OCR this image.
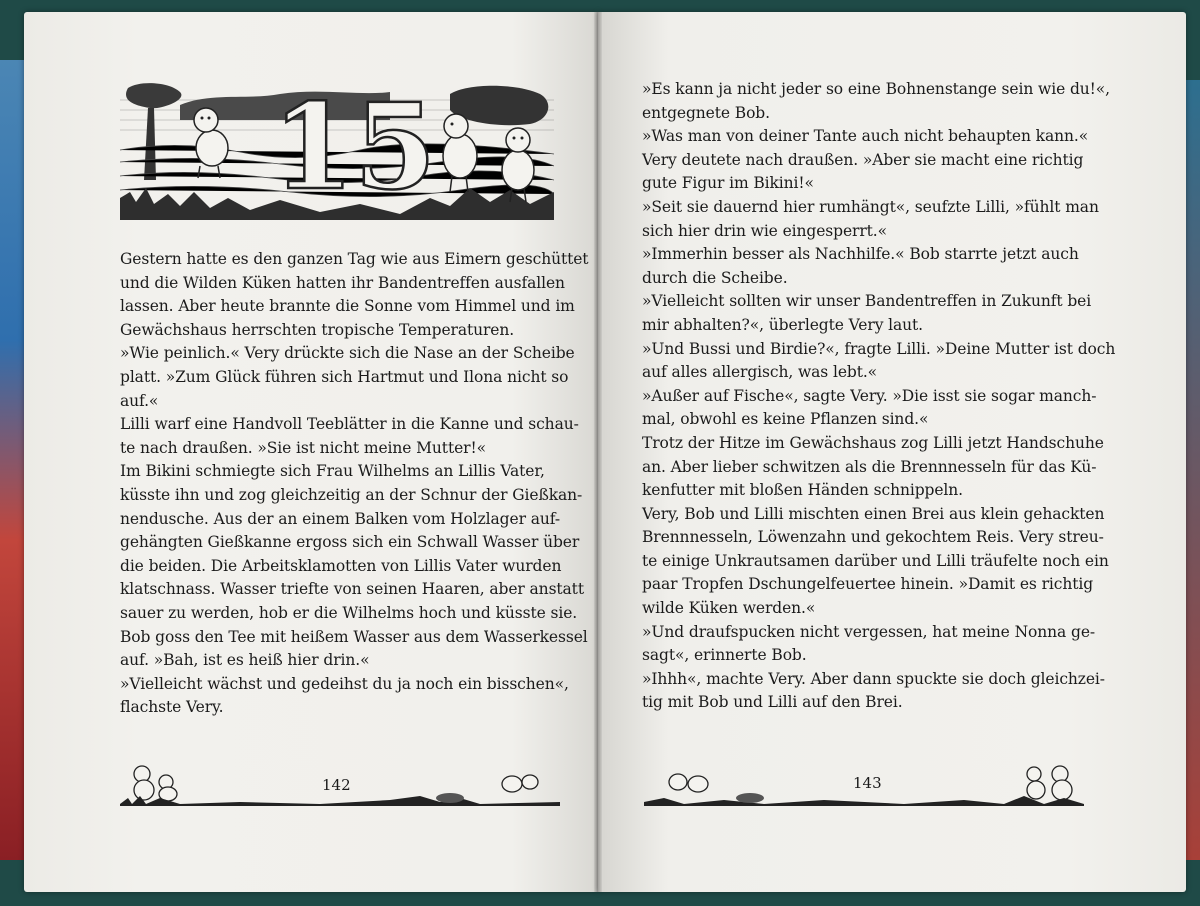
15
Gestern hatte es den ganzen Tag wie aus Eimern geschüttet
und die Wilden Küken hatten ihr Bandentreffen ausfallen
lassen. Aber heute brannte die Sonne vom Himmel und im
Gewächshaus herrschten tropische Temperaturen.
»Wie peinlich.« Very drückte sich die Nase an der Scheibe
platt. »Zum Glück führen sich Hartmut und Ilona nicht so
auf.«
Lilli warf eine Handvoll Teeblätter in die Kanne und schau-
te nach draußen. »Sie ist nicht meine Mutter!«
Im Bikini schmiegte sich Frau Wilhelms an Lillis Vater,
küsste ihn und zog gleichzeitig an der Schnur der Gießkan-
nendusche. Aus der an einem Balken vom Holzlager auf-
gehängten Gießkanne ergoss sich ein Schwall Wasser über
die beiden. Die Arbeitsklamotten von Lillis Vater wurden
klatschnass. Wasser triefte von seinen Haaren, aber anstatt
sauer zu werden, hob er die Wilhelms hoch und küsste sie.
Bob goss den Tee mit heißem Wasser aus dem Wasserkessel
auf. »Bah, ist es heiß hier drin.«
»Vielleicht wächst und gedeihst du ja noch ein bisschen«,
flachste Very.
»Es kann ja nicht jeder so eine Bohnenstange sein wie du!«,
entgegnete Bob.
»Was man von deiner Tante auch nicht behaupten kann.«
Very deutete nach draußen. »Aber sie macht eine richtig
gute Figur im Bikini!«
»Seit sie dauernd hier rumhängt«, seufzte Lilli, »fühlt man
sich hier drin wie eingesperrt.«
»Immerhin besser als Nachhilfe.« Bob starrte jetzt auch
durch die Scheibe.
»Vielleicht sollten wir unser Bandentreffen in Zukunft bei
mir abhalten?«, überlegte Very laut.
»Und Bussi und Birdie?«, fragte Lilli. »Deine Mutter ist doch
auf alles allergisch, was lebt.«
»Außer auf Fische«, sagte Very. »Die isst sie sogar manch-
mal, obwohl es keine Pflanzen sind.«
Trotz der Hitze im Gewächshaus zog Lilli jetzt Handschuhe
an. Aber lieber schwitzen als die Brennnesseln für das Kü-
kenfutter mit bloßen Händen schnippeln.
Very, Bob und Lilli mischten einen Brei aus klein gehackten
Brennnesseln, Löwenzahn und gekochtem Reis. Very streu-
te einige Unkrautsamen darüber und Lilli träufelte noch ein
paar Tropfen Dschungelfeuertee hinein. »Damit es richtig
wilde Küken werden.«
»Und draufspucken nicht vergessen, hat meine Nonna ge-
sagt«, erinnerte Bob.
»Ihhh«, machte Very. Aber dann spuckte sie doch gleichzei-
tig mit Bob und Lilli auf den Brei.
142	143
